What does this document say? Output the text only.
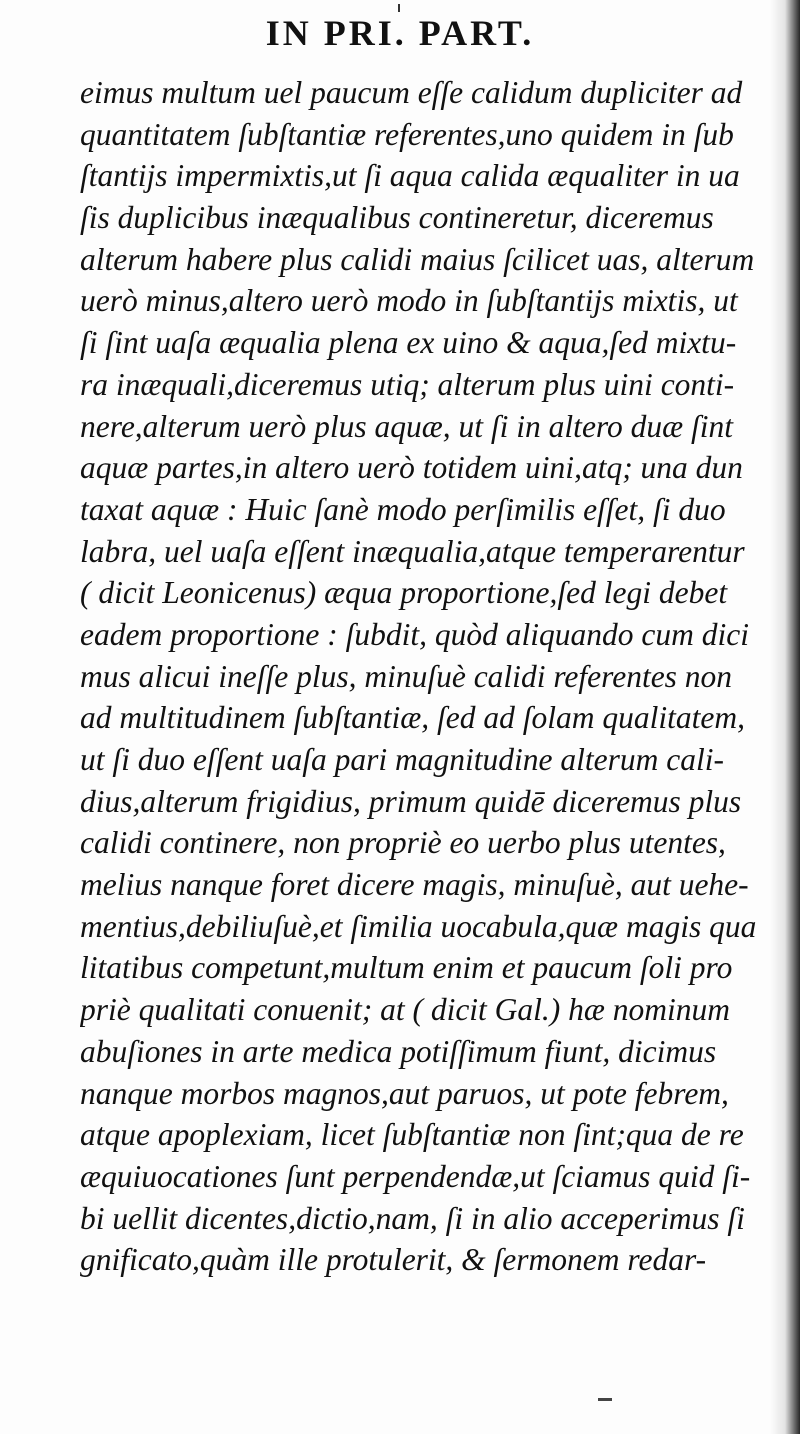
IN PRI. PART.
eimus multum uel paucum eſſe calidum dupliciter ad
quantitatem ſubſtantiæ referentes,uno quidem in ſub
ſtantijs impermixtis,ut ſi aqua calida æqualiter in ua
ſis duplicibus inæqualibus contineretur, diceremus
alterum habere plus calidi maius ſcilicet uas, alterum
uerò minus,altero uerò modo in ſubſtantijs mixtis, ut
ſi ſint uaſa æqualia plena ex uino & aqua,ſed mixtu-
ra inæquali,diceremus utiq; alterum plus uini conti-
nere,alterum uerò plus aquæ, ut ſi in altero duæ ſint
aquæ partes,in altero uerò totidem uini,atq; una dun
taxat aquæ : Huic ſanè modo perſimilis eſſet, ſi duo
labra, uel uaſa eſſent inæqualia,atque temperarentur
( dicit Leonicenus) æqua proportione,ſed legi debet
eadem proportione : ſubdit, quòd aliquando cum dici
mus alicui ineſſe plus, minuſuè calidi referentes non
ad multitudinem ſubſtantiæ, ſed ad ſolam qualitatem,
ut ſi duo eſſent uaſa pari magnitudine alterum cali-
dius,alterum frigidius, primum quidē diceremus plus
calidi continere, non propriè eo uerbo plus utentes,
melius nanque foret dicere magis, minuſuè, aut uehe-
mentius,debiliuſuè,et ſimilia uocabula,quæ magis qua
litatibus competunt,multum enim et paucum ſoli pro
priè qualitati conuenit; at ( dicit Gal.) hæ nominum
abuſiones in arte medica potiſſimum fiunt, dicimus
nanque morbos magnos,aut paruos, ut pote febrem,
atque apoplexiam, licet ſubſtantiæ non ſint;qua de re
æquiuocationes ſunt perpendendæ,ut ſciamus quid ſi-
bi uellit dicentes,dictio,nam, ſi in alio acceperimus ſi
gnificato,quàm ille protulerit, & ſermonem redar-
